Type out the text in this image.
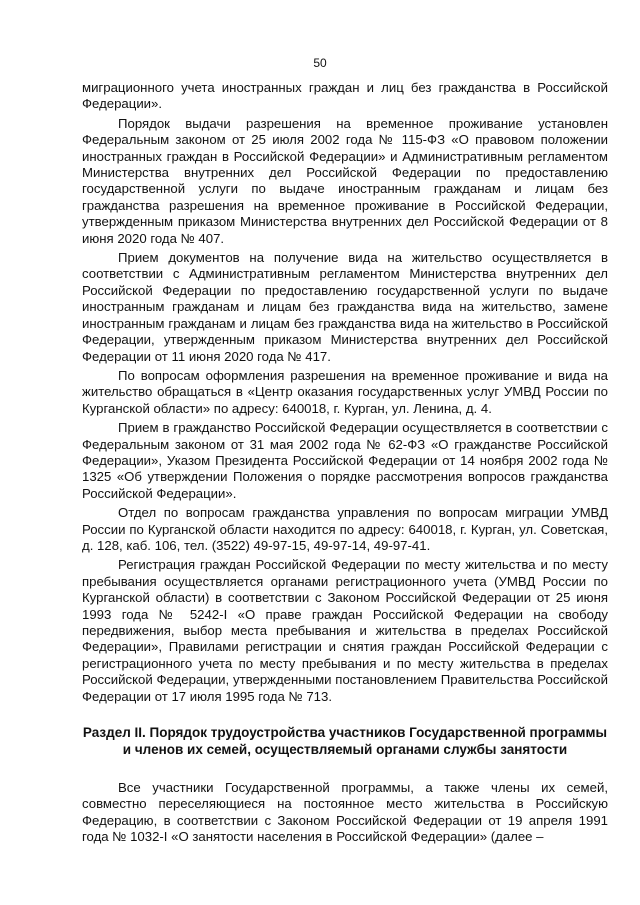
50

миграционного учета иностранных граждан и лиц без гражданства в Российской Федерации».

Порядок выдачи разрешения на временное проживание установлен Федеральным законом от 25 июля 2002 года № 115-ФЗ «О правовом положении иностранных граждан в Российской Федерации» и Административным регламентом Министерства внутренних дел Российской Федерации по предоставлению государственной услуги по выдаче иностранным гражданам и лицам без гражданства разрешения на временное проживание в Российской Федерации, утвержденным приказом Министерства внутренних дел Российской Федерации от 8 июня 2020 года № 407.

Прием документов на получение вида на жительство осуществляется в соответствии с Административным регламентом Министерства внутренних дел Российской Федерации по предоставлению государственной услуги по выдаче иностранным гражданам и лицам без гражданства вида на жительство, замене иностранным гражданам и лицам без гражданства вида на жительство в Российской Федерации, утвержденным приказом Министерства внутренних дел Российской Федерации от 11 июня 2020 года № 417.

По вопросам оформления разрешения на временное проживание и вида на жительство обращаться в «Центр оказания государственных услуг УМВД России по Курганской области» по адресу: 640018, г. Курган, ул. Ленина, д. 4.

Прием в гражданство Российской Федерации осуществляется в соответствии с Федеральным законом от 31 мая 2002 года № 62-ФЗ «О гражданстве Российской Федерации», Указом Президента Российской Федерации от 14 ноября 2002 года № 1325 «Об утверждении Положения о порядке рассмотрения вопросов гражданства Российской Федерации».

Отдел по вопросам гражданства управления по вопросам миграции УМВД России по Курганской области находится по адресу: 640018, г. Курган, ул. Советская, д. 128, каб. 106, тел. (3522) 49-97-15, 49-97-14, 49-97-41.

Регистрация граждан Российской Федерации по месту жительства и по месту пребывания осуществляется органами регистрационного учета (УМВД России по Курганской области) в соответствии с Законом Российской Федерации от 25 июня 1993 года № 5242-I «О праве граждан Российской Федерации на свободу передвижения, выбор места пребывания и жительства в пределах Российской Федерации», Правилами регистрации и снятия граждан Российской Федерации с регистрационного учета по месту пребывания и по месту жительства в пределах Российской Федерации, утвержденными постановлением Правительства Российской Федерации от 17 июля 1995 года № 713.

Раздел II. Порядок трудоустройства участников Государственной программы и членов их семей, осуществляемый органами службы занятости

Все участники Государственной программы, а также члены их семей, совместно переселяющиеся на постоянное место жительства в Российскую Федерацию, в соответствии с Законом Российской Федерации от 19 апреля 1991 года № 1032-I «О занятости населения в Российской Федерации» (далее –
